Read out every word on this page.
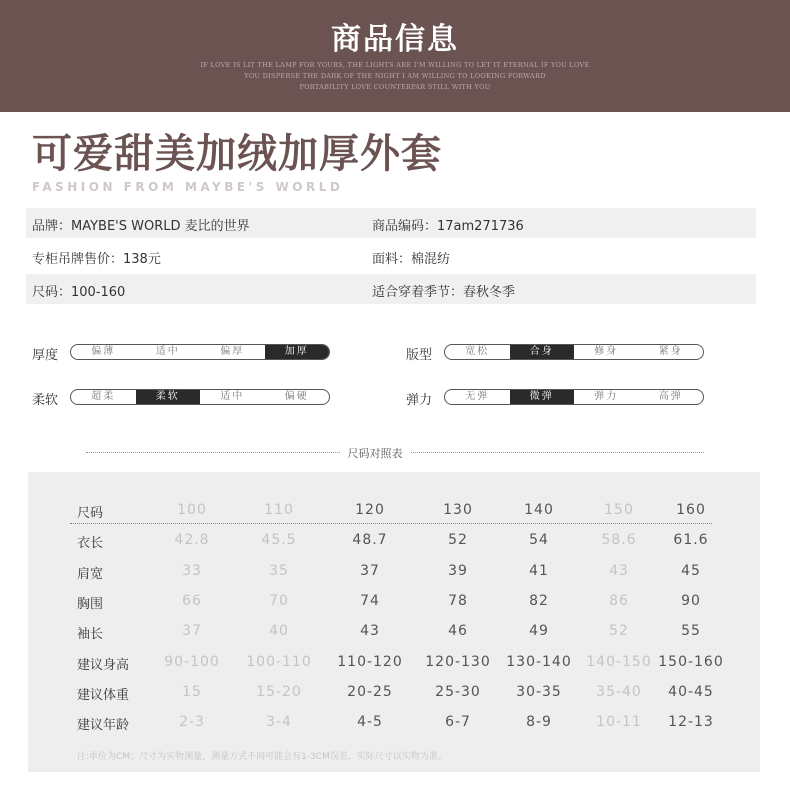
商品信息
IF LOVE IS LIT THE LAMP FOR YOURS, THE LIGHTS ARE I'M WILLING TO LET IT ETERNAL IF YOU LOVE
YOU DISPERSE THE DARK OF THE NIGHT I AM WILLING TO LOOKING FORWARD
PORTABILITY LOVE COUNTERPAR STILL WITH YOU
可爱甜美加绒加厚外套
FASHION FROM MAYBE'S WORLD
品牌：MAYBE'S WORLD 麦比的世界	商品编码：17am271736
专柜吊牌售价：138元	面料：棉混纺
尺码：100-160	适合穿着季节：春秋冬季
厚度	偏薄	适中	偏厚	加厚	版型	宽松	合身	修身	紧身
柔软	超柔	柔软	适中	偏硬	弹力	无弹	微弹	弹力	高弹
尺码对照表
尺码	100	110	120	130	140	150	160
衣长	42.8	45.5	48.7	52	54	58.6	61.6
肩宽	33	35	37	39	41	43	45
胸围	66	70	74	78	82	86	90
袖长	37	40	43	46	49	52	55
建议身高	90-100	100-110	110-120	120-130	130-140	140-150 150-160
建议体重	15	15-20	20-25	25-30	30-35	35-40	40-45
建议年龄	2-3	3-4	4-5	6-7	8-9	10-11	12-13
注:单位为CM；尺寸为实物测量，测量方式不同可能会有1-3CM误差，实际尺寸以实物为准。
